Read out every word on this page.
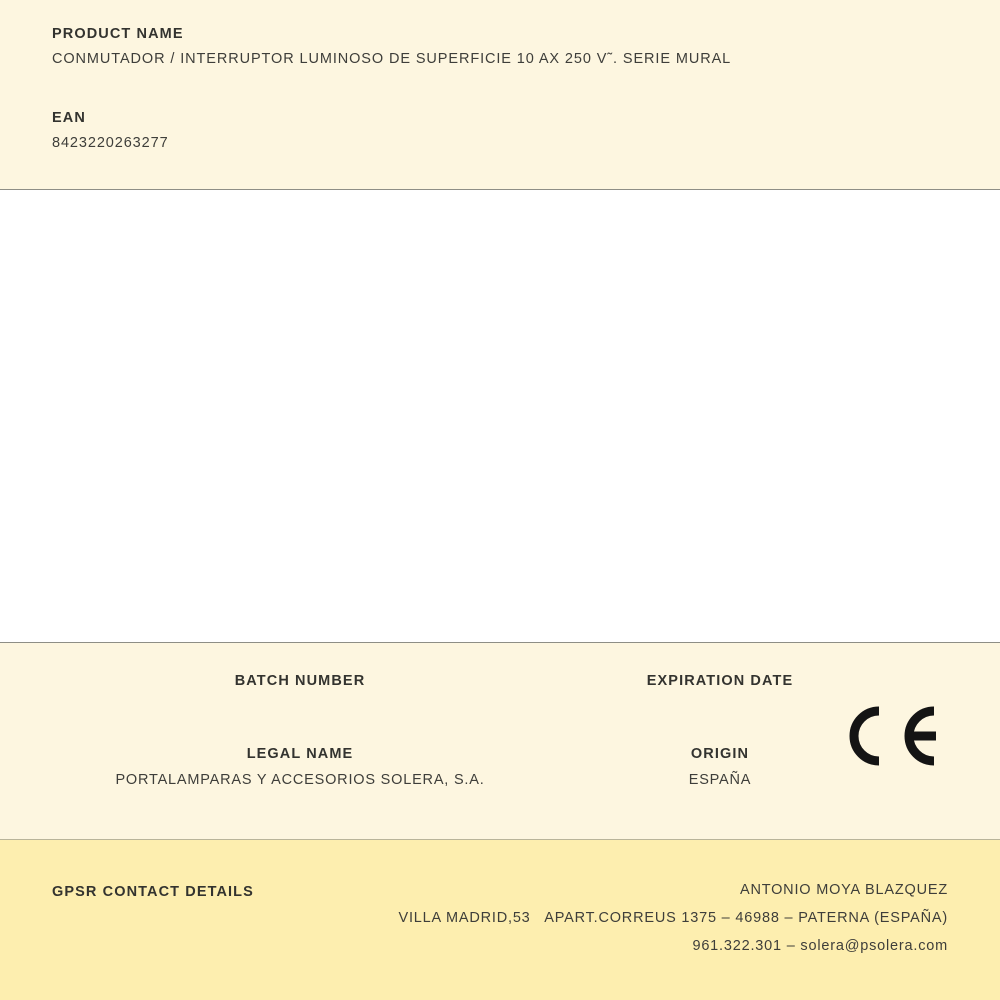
PRODUCT NAME
CONMUTADOR / INTERRUPTOR LUMINOSO DE SUPERFICIE 10 AX 250 V˜. SERIE MURAL
EAN
8423220263277
BATCH NUMBER	EXPIRATION DATE
LEGAL NAME
PORTALAMPARAS Y ACCESORIOS SOLERA, S.A.
ORIGIN
ESPAÑA
GPSR CONTACT DETAILS	ANTONIO MOYA BLAZQUEZ
VILLA MADRID,53   APART.CORREUS 1375 – 46988 – PATERNA (ESPAÑA)
961.322.301 – solera@psolera.com
